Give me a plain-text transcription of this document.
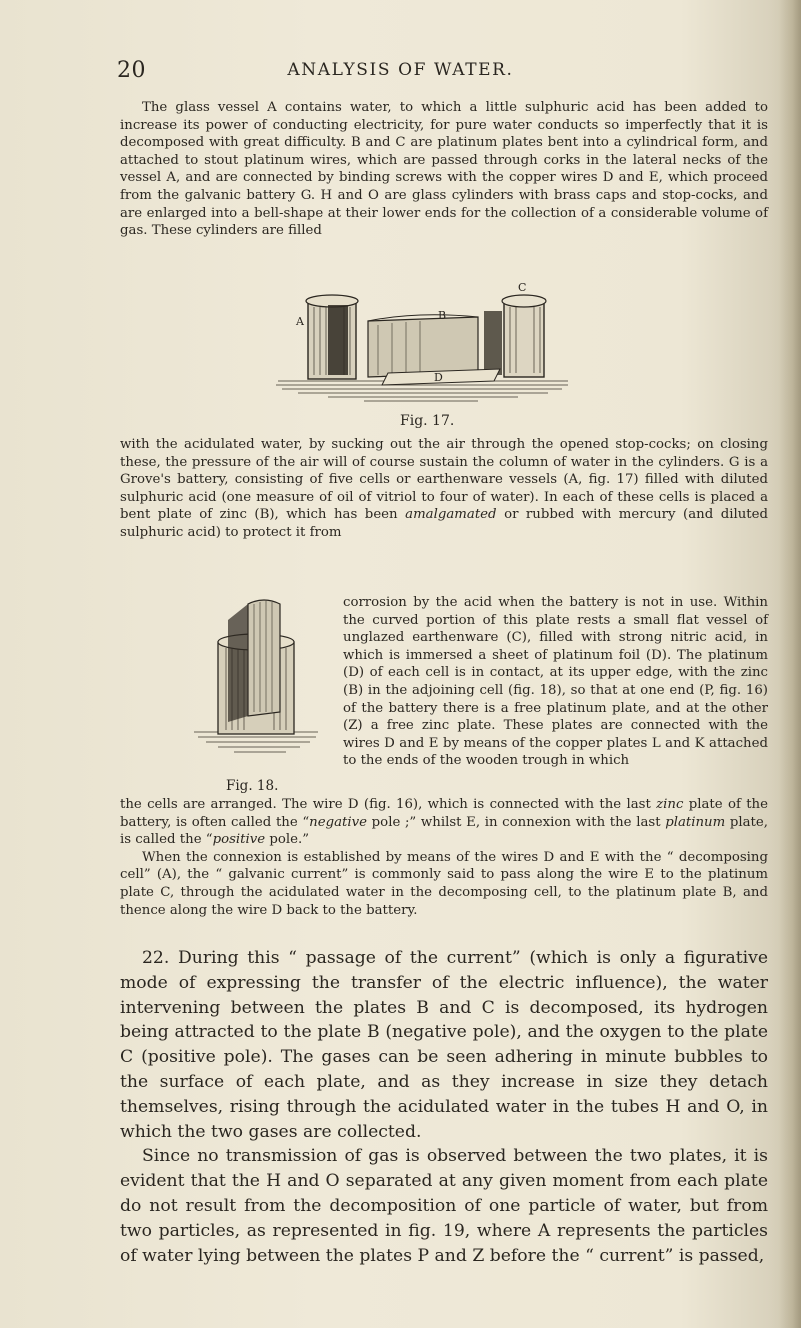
20	ANALYSIS OF WATER.

The glass vessel A contains water, to which a little sulphuric acid has been added to increase its power of conducting electricity, for pure water conducts so imperfectly that it is decomposed with great difficulty. B and C are platinum plates bent into a cylindrical form, and attached to stout platinum wires, which are passed through corks in the lateral necks of the vessel A, and are connected by binding screws with the copper wires D and E, which proceed from the galvanic battery G. H and O are glass cylinders with brass caps and stop-cocks, and are enlarged into a bell-shape at their lower ends for the collection of a considerable volume of gas. These cylinders are filled

A	B
C
D
Fig. 17.

with the acidulated water, by sucking out the air through the opened stop-cocks; on closing these, the pressure of the air will of course sustain the column of water in the cylinders. G is a Grove's battery, consisting of five cells or earthenware vessels (A, fig. 17) filled with diluted sulphuric acid (one measure of oil of vitriol to four of water). In each of these cells is placed a bent plate of zinc (B), which has been amalgamated or rubbed with mercury (and diluted sulphuric acid) to protect it from

Fig. 18.

corrosion by the acid when the battery is not in use. Within the curved portion of this plate rests a small flat vessel of unglazed earthenware (C), filled with strong nitric acid, in which is immersed a sheet of platinum foil (D). The platinum (D) of each cell is in contact, at its upper edge, with the zinc (B) in the adjoining cell (fig. 18), so that at one end (P, fig. 16) of the battery there is a free platinum plate, and at the other (Z) a free zinc plate. These plates are connected with the wires D and E by means of the copper plates L and K attached to the ends of the wooden trough in which

the cells are arranged. The wire D (fig. 16), which is connected with the last zinc plate of the battery, is often called the “negative pole ;” whilst E, in connexion with the last platinum plate, is called the “positive pole.”

When the connexion is established by means of the wires D and E with the “ decomposing cell” (A), the “ galvanic current” is commonly said to pass along the wire E to the platinum plate C, through the acidulated water in the decomposing cell, to the platinum plate B, and thence along the wire D back to the battery.

22. During this “ passage of the current” (which is only a figurative mode of expressing the transfer of the electric influence), the water intervening between the plates B and C is decomposed, its hydrogen being attracted to the plate B (negative pole), and the oxygen to the plate C (positive pole). The gases can be seen adhering in minute bubbles to the surface of each plate, and as they increase in size they detach themselves, rising through the acidulated water in the tubes H and O, in which the two gases are collected.

Since no transmission of gas is observed between the two plates, it is evident that the H and O separated at any given moment from each plate do not result from the decomposition of one particle of water, but from two particles, as represented in fig. 19, where A represents the particles of water lying between the plates P and Z before the “ current” is passed,
